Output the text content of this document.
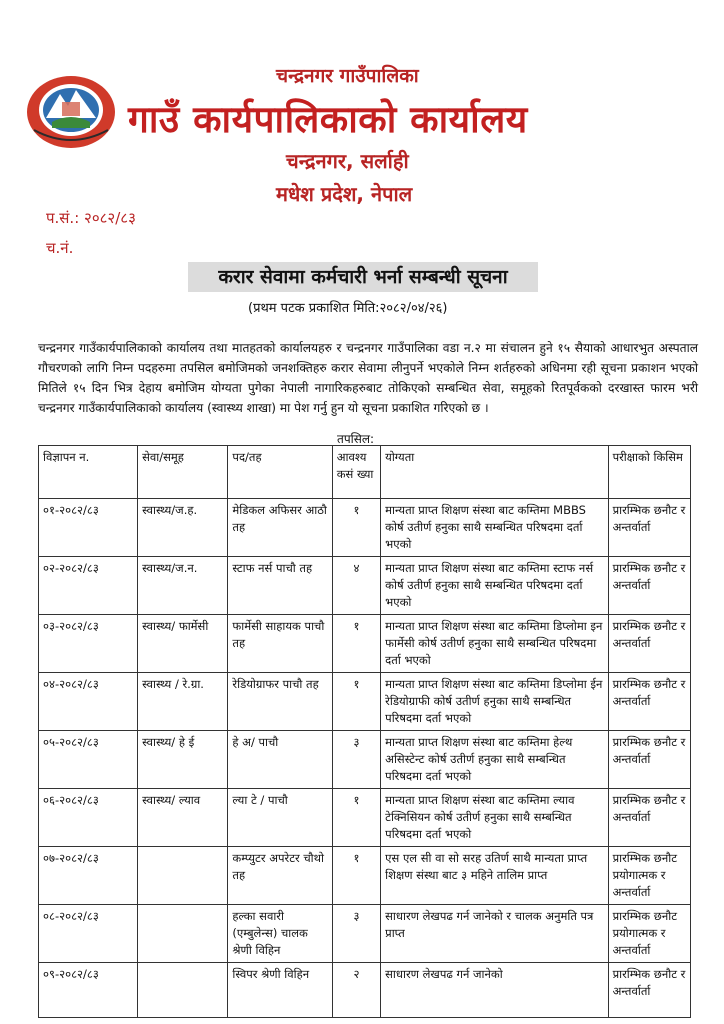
चन्द्रनगर गाउँपालिका
गाउँ कार्यपालिकाको कार्यालय
चन्द्रनगर, सर्लाही
मधेश प्रदेश, नेपाल
प.सं.: २०८२/८३
च.नं.
करार सेवामा कर्मचारी भर्ना सम्बन्धी सूचना
(प्रथम पटक प्रकाशित मिति:२०८२/०४/२६)
चन्द्रनगर गाउँकार्यपालिकाको कार्यालय तथा मातहतको कार्यालयहरु र चन्द्रनगर गाउँपालिका वडा न.२ मा संचालन हुने १५ सैयाको आधारभुत अस्पताल गौचरणको लागि निम्न पदहरुमा तपसिल बमोजिमको जनशक्तिहरु करार सेवामा लीनुपर्ने भएकोले निम्न शर्तहरुको अधिनमा रही सूचना प्रकाशन भएको मितिले १५ दिन भित्र देहाय बमोजिम योग्यता पुगेका नेपाली नागारिकहरुबाट तोकिएको सम्बन्धित सेवा, समूहको रितपूर्वकको दरखास्त फारम भरी चन्द्रनगर गाउँकार्यपालिकाको कार्यालय (स्वास्थ्य शाखा) मा पेश गर्नु हुन यो सूचना प्रकाशित गरिएको छ ।
तपसिल:
विज्ञापन न.	सेवा/समूह	पद/तह	आवश्य कसं ख्या	योग्यता	परीक्षाको किसिम
०१-२०८२/८३	स्वास्थ्य/ज.ह.	मेडिकल अफिसर आठौ तह	१	मान्यता प्राप्त शिक्षण संस्था बाट कम्तिमा MBBS कोर्ष उतीर्ण हनुका साथै सम्बन्धित परिषदमा दर्ता भएको	प्रारम्भिक छनौट र अन्तर्वार्ता
०२-२०८२/८३	स्वास्थ्य/ज.न.	स्टाफ नर्स पाचौ तह	४	मान्यता प्राप्त शिक्षण संस्था बाट कम्तिमा स्टाफ नर्स कोर्ष उतीर्ण हनुका साथै सम्बन्धित परिषदमा दर्ता भएको	प्रारम्भिक छनौट र अन्तर्वार्ता
०३-२०८२/८३	स्वास्थ्य/ फार्मेसी	फार्मेसी साहायक पाचौ तह	१	मान्यता प्राप्त शिक्षण संस्था बाट कम्तिमा डिप्लोमा इन फार्मेसी कोर्ष उतीर्ण हनुका साथै सम्बन्धित परिषदमा दर्ता भएको	प्रारम्भिक छनौट र अन्तर्वार्ता
०४-२०८२/८३	स्वास्थ्य / रे.ग्रा.	रेडियोग्राफर पाचौ तह	१	मान्यता प्राप्त शिक्षण संस्था बाट कम्तिमा डिप्लोमा ईन रेडियोग्राफी कोर्ष उतीर्ण हनुका साथै सम्बन्धित परिषदमा दर्ता भएको	प्रारम्भिक छनौट र अन्तर्वार्ता
०५-२०८२/८३	स्वास्थ्य/ हे ई	हे अ/ पाचौ	३	मान्यता प्राप्त शिक्षण संस्था बाट कम्तिमा हेल्थ असिस्टेन्ट कोर्ष उतीर्ण हनुका साथै सम्बन्धित परिषदमा दर्ता भएको	प्रारम्भिक छनौट र अन्तर्वार्ता
०६-२०८२/८३	स्वास्थ्य/ ल्याव	ल्या टे / पाचौ	१	मान्यता प्राप्त शिक्षण संस्था बाट कम्तिमा ल्याव टेक्निसियन कोर्ष उतीर्ण हनुका साथै सम्बन्धित परिषदमा दर्ता भएको	प्रारम्भिक छनौट र अन्तर्वार्ता
०७-२०८२/८३		कम्प्युटर अपरेटर चौथो तह	१	एस एल सी वा सो सरह उतिर्ण साथै मान्यता प्राप्त शिक्षण संस्था बाट ३ महिने तालिम प्राप्त	प्रारम्भिक छनौट प्रयोगात्मक र अन्तर्वार्ता
०८-२०८२/८३		हल्का सवारी (एम्बुलेन्स) चालक श्रेणी विहिन	३	साधारण लेखपढ गर्न जानेको र चालक अनुमति पत्र प्राप्त	प्रारम्भिक छनौट प्रयोगात्मक र अन्तर्वार्ता
०९-२०८२/८३		स्विपर श्रेणी विहिन	२	साधारण लेखपढ गर्न जानेको	प्रारम्भिक छनौट र अन्तर्वार्ता
